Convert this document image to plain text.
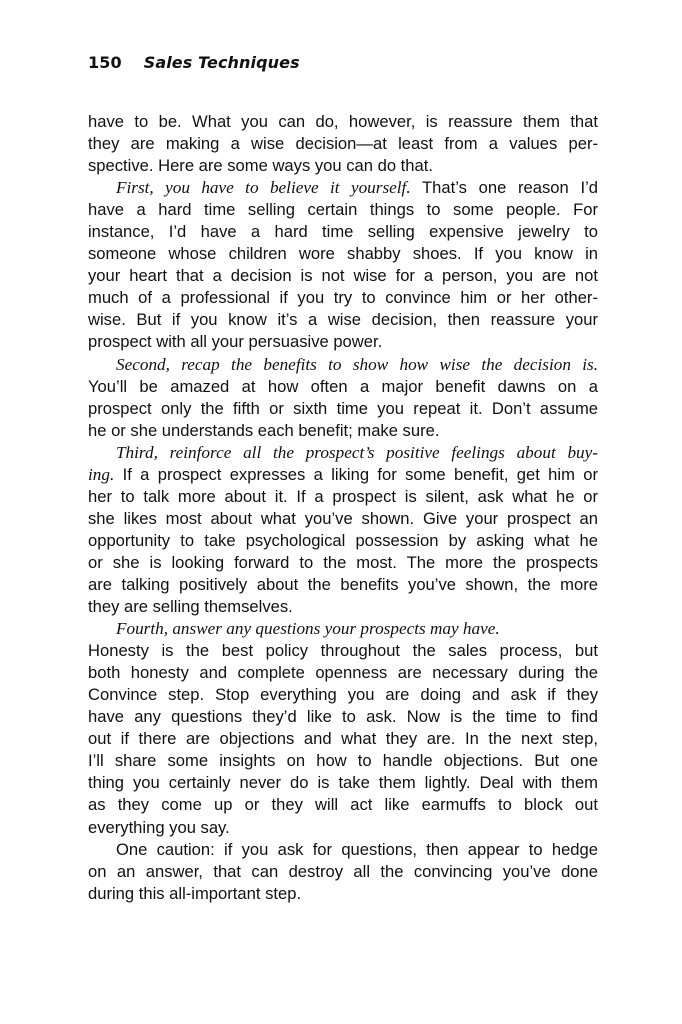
150 Sales Techniques
have to be. What you can do, however, is reassure them that
they are making a wise decision—at least from a values per-
spective. Here are some ways you can do that.
First, you have to believe it yourself. That’s one reason I’d
have a hard time selling certain things to some people. For
instance, I’d have a hard time selling expensive jewelry to
someone whose children wore shabby shoes. If you know in
your heart that a decision is not wise for a person, you are not
much of a professional if you try to convince him or her other-
wise. But if you know it’s a wise decision, then reassure your
prospect with all your persuasive power.
Second, recap the benefits to show how wise the decision is.
You’ll be amazed at how often a major benefit dawns on a
prospect only the fifth or sixth time you repeat it. Don’t assume
he or she understands each benefit; make sure.
Third, reinforce all the prospect’s positive feelings about buy-
ing. If a prospect expresses a liking for some benefit, get him or
her to talk more about it. If a prospect is silent, ask what he or
she likes most about what you’ve shown. Give your prospect an
opportunity to take psychological possession by asking what he
or she is looking forward to the most. The more the prospects
are talking positively about the benefits you’ve shown, the more
they are selling themselves.
Fourth, answer any questions your prospects may have.
Honesty is the best policy throughout the sales process, but
both honesty and complete openness are necessary during the
Convince step. Stop everything you are doing and ask if they
have any questions they’d like to ask. Now is the time to find
out if there are objections and what they are. In the next step,
I’ll share some insights on how to handle objections. But one
thing you certainly never do is take them lightly. Deal with them
as they come up or they will act like earmuffs to block out
everything you say.
One caution: if you ask for questions, then appear to hedge
on an answer, that can destroy all the convincing you’ve done
during this all-important step.
